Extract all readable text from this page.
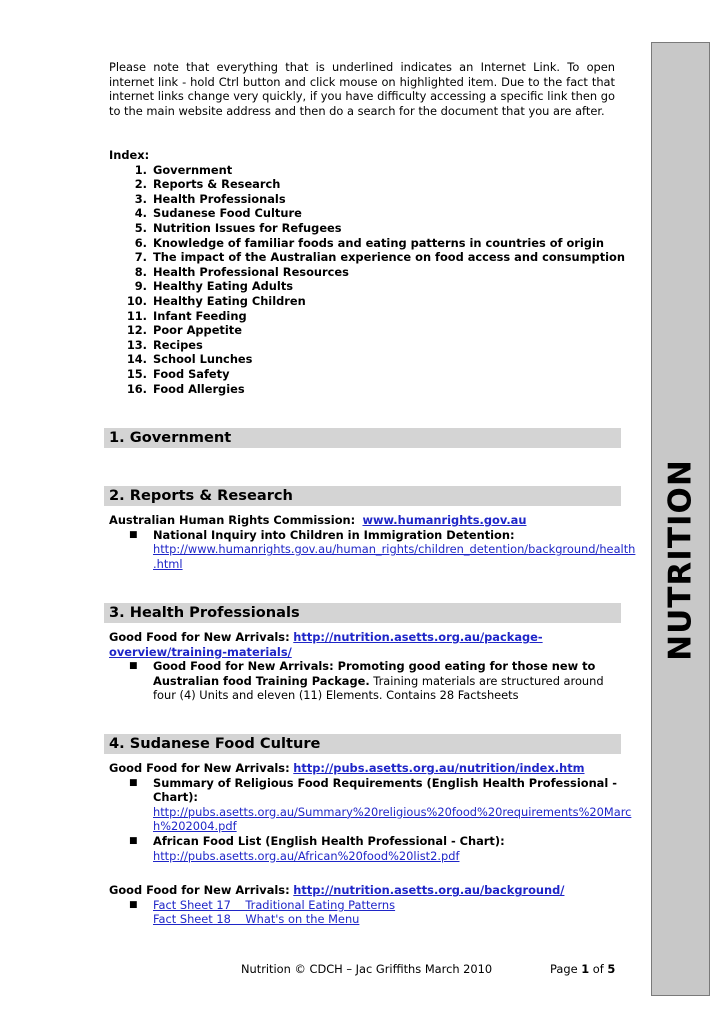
Please note that everything that is underlined indicates an Internet Link. To open internet link - hold Ctrl button and click mouse on highlighted item. Due to the fact that internet links change very quickly, if you have difficulty accessing a specific link then go to the main website address and then do a search for the document that you are after.
Index:
1. Government
2. Reports & Research
3. Health Professionals
4. Sudanese Food Culture
5. Nutrition Issues for Refugees
6. Knowledge of familiar foods and eating patterns in countries of origin
7. The impact of the Australian experience on food access and consumption
8. Health Professional Resources
9. Healthy Eating Adults
10. Healthy Eating Children
11. Infant Feeding
12. Poor Appetite
13. Recipes
14. School Lunches
15. Food Safety
16. Food Allergies
1. Government
2. Reports & Research
Australian Human Rights Commission: www.humanrights.gov.au
■ National Inquiry into Children in Immigration Detention:
http://www.humanrights.gov.au/human_rights/children_detention/background/health
.html
3. Health Professionals
Good Food for New Arrivals: http://nutrition.asetts.org.au/package-
overview/training-materials/
■ Good Food for New Arrivals: Promoting good eating for those new to Australian food Training Package. Training materials are structured around four (4) Units and eleven (11) Elements. Contains 28 Factsheets
4. Sudanese Food Culture
Good Food for New Arrivals: http://pubs.asetts.org.au/nutrition/index.htm
■ Summary of Religious Food Requirements (English Health Professional - Chart):
http://pubs.asetts.org.au/Summary%20religious%20food%20requirements%20Marc
h%202004.pdf
■ African Food List (English Health Professional - Chart):
http://pubs.asetts.org.au/African%20food%20list2.pdf
Good Food for New Arrivals: http://nutrition.asetts.org.au/background/
■ Fact Sheet 17    Traditional Eating Patterns
Fact Sheet 18    What's on the Menu
NUTRITION
Nutrition © CDCH – Jac Griffiths March 2010	Page 1 of 5
